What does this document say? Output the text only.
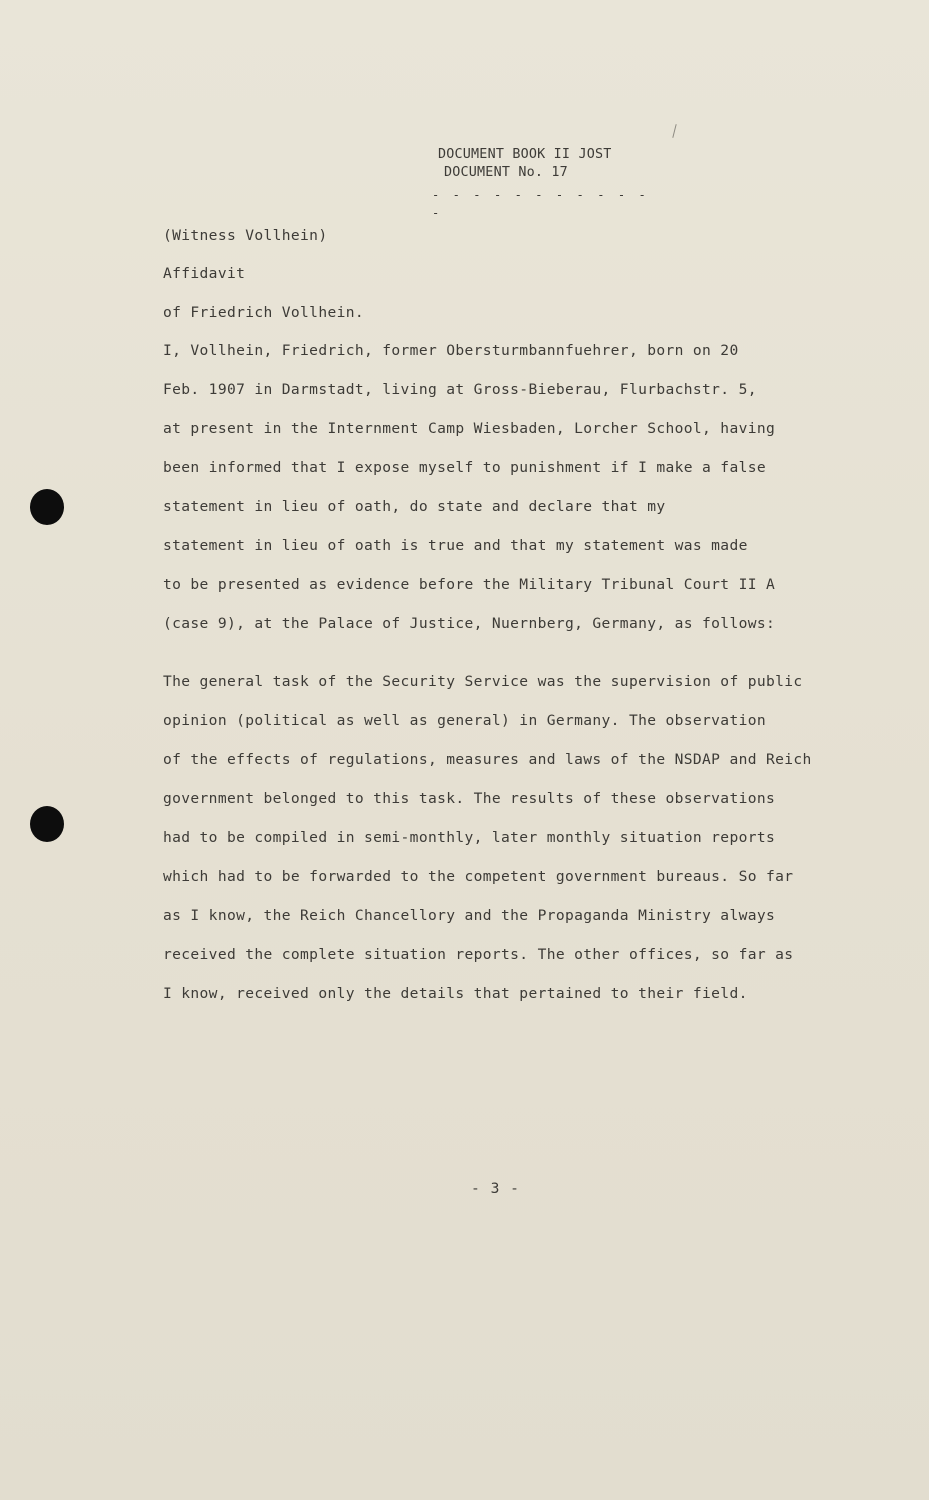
DOCUMENT BOOK II JOST
DOCUMENT No. 17
- - - - - - - - - - - -
(Witness Vollhein)
Affidavit
of Friedrich Vollhein.
I, Vollhein, Friedrich, former Obersturmbannfuehrer, born on 20
Feb. 1907 in Darmstadt, living at Gross-Bieberau, Flurbachstr. 5,
at present in the Internment Camp Wiesbaden, Lorcher School, having
been informed that I expose myself to punishment if I make a false
statement in lieu of oath, do state and declare that my
statement in lieu of oath is true and that my statement was made
to be presented as evidence before the Military Tribunal Court II A
(case 9), at the Palace of Justice, Nuernberg, Germany, as follows:
The general task of the Security Service was the supervision of public
opinion (political as well as general) in Germany. The observation
of the effects of regulations, measures and laws of the NSDAP and Reich
government belonged to this task. The results of these observations
had to be compiled in semi-monthly, later monthly situation reports
which had to be forwarded to the competent government bureaus. So far
as I know, the Reich Chancellory and the Propaganda Ministry always
received the complete situation reports. The other offices, so far as
I know, received only the details that pertained to their field.
- 3 -
